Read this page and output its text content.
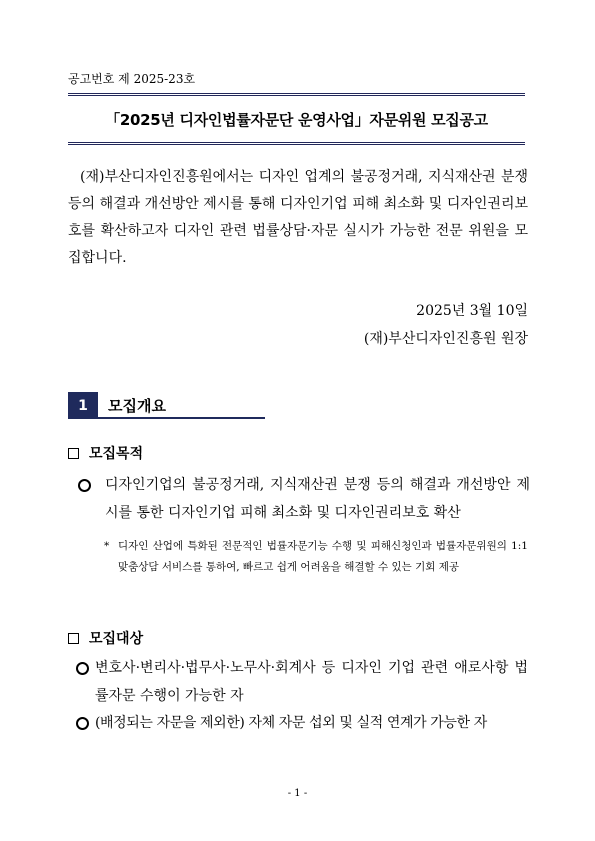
공고번호 제 2025-23호
「2025년 디자인법률자문단 운영사업」자문위원 모집공고

(재)부산디자인진흥원에서는 디자인 업계의 불공정거래, 지식재산권 분쟁 등의 해결과 개선방안 제시를 통해 디자인기업 피해 최소화 및 디자인권리보호를 확산하고자 디자인 관련 법률상담·자문 실시가 가능한 전문 위원을 모집합니다.

2025년 3월 10일
(재)부산디자인진흥원 원장
1	모집개요
모집목적
디자인기업의 불공정거래, 지식재산권 분쟁 등의 해결과 개선방안 제시를 통한 디자인기업 피해 최소화 및 디자인권리보호 확산
* 디자인 산업에 특화된 전문적인 법률자문기능 수행 및 피해신청인과 법률자문위원의 1:1 맞춤상담 서비스를 통하여, 빠르고 쉽게 어려움을 해결할 수 있는 기회 제공
모집대상
변호사·변리사·법무사·노무사·회계사 등 디자인 기업 관련 애로사항 법률자문 수행이 가능한 자
(배정되는 자문을 제외한) 자체 자문 섭외 및 실적 연계가 가능한 자
- 1 -
